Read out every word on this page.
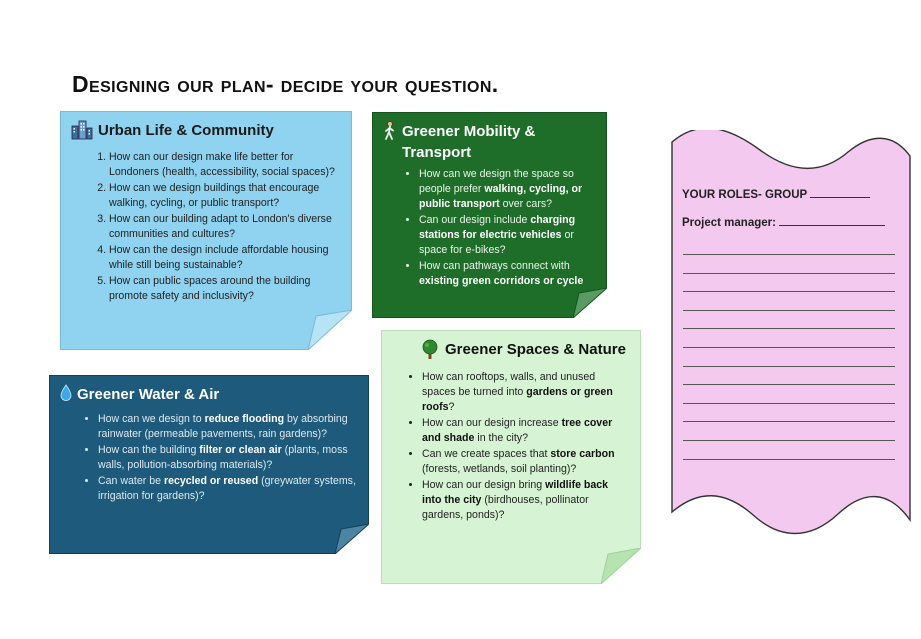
Designing our plan- decide your question.
Urban Life & Community
1. How can our design make life better for Londoners (health, accessibility, social spaces)?
2. How can we design buildings that encourage walking, cycling, or public transport?
3. How can our building adapt to London's diverse communities and cultures?
4. How can the design include affordable housing while still being sustainable?
5. How can public spaces around the building promote safety and inclusivity?
Greener Mobility & Transport
• How can we design the space so people prefer walking, cycling, or public transport over cars?
• Can our design include charging stations for electric vehicles or space for e-bikes?
• How can pathways connect with existing green corridors or cycle
Greener Water & Air
• How can we design to reduce flooding by absorbing rainwater (permeable pavements, rain gardens)?
• How can the building filter or clean air (plants, moss walls, pollution-absorbing materials)?
• Can water be recycled or reused (greywater systems, irrigation for gardens)?
Greener Spaces & Nature
• How can rooftops, walls, and unused spaces be turned into gardens or green roofs?
• How can our design increase tree cover and shade in the city?
• Can we create spaces that store carbon (forests, wetlands, soil planting)?
• How can our design bring wildlife back into the city (birdhouses, pollinator gardens, ponds)?
YOUR ROLES- GROUP
Project manager:
